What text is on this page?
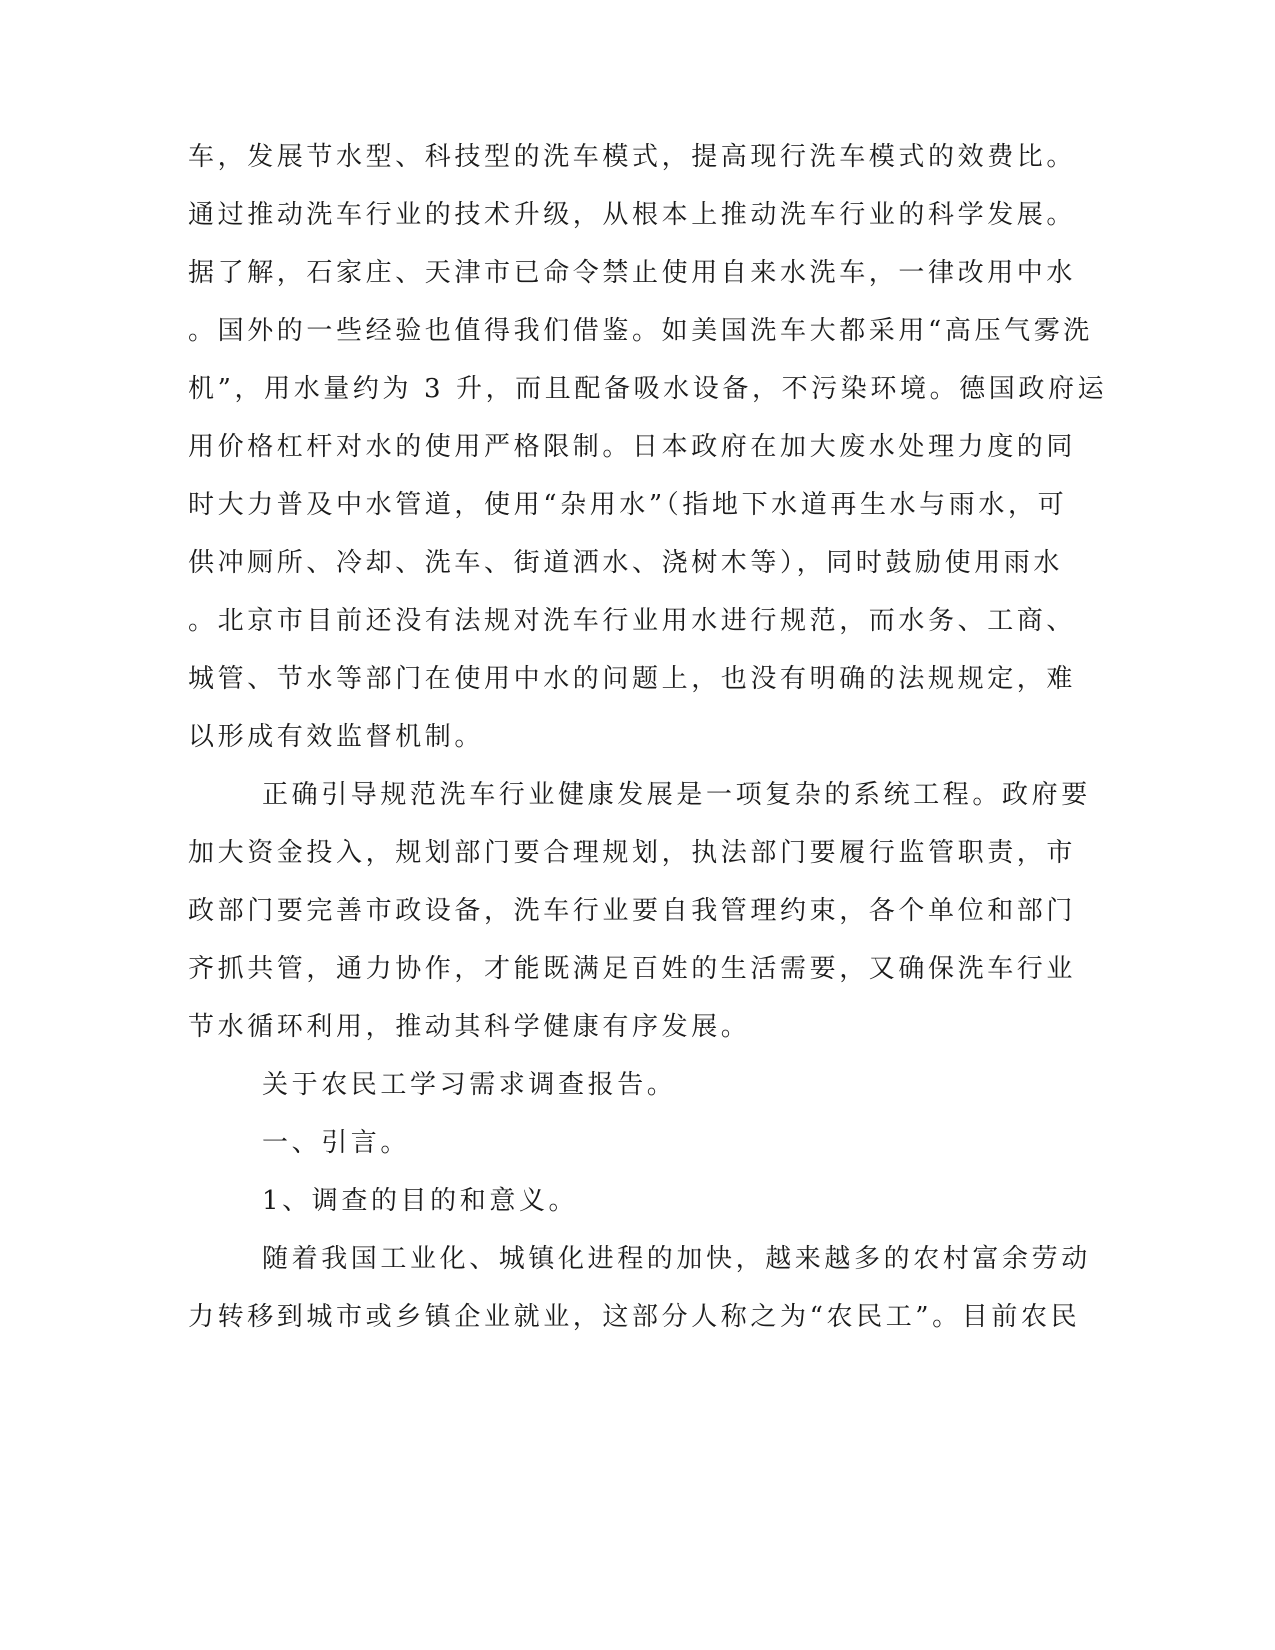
车，发展节水型、科技型的洗车模式，提高现行洗车模式的效费比。
通过推动洗车行业的技术升级，从根本上推动洗车行业的科学发展。
据了解，石家庄、天津市已命令禁止使用自来水洗车，一律改用中水
。国外的一些经验也值得我们借鉴。如美国洗车大都采用“高压气雾洗
机”，用水量约为 3 升，而且配备吸水设备，不污染环境。德国政府运
用价格杠杆对水的使用严格限制。日本政府在加大废水处理力度的同
时大力普及中水管道，使用“杂用水”（指地下水道再生水与雨水，可
供冲厕所、冷却、洗车、街道洒水、浇树木等），同时鼓励使用雨水
。北京市目前还没有法规对洗车行业用水进行规范，而水务、工商、
城管、节水等部门在使用中水的问题上，也没有明确的法规规定，难
以形成有效监督机制。
正确引导规范洗车行业健康发展是一项复杂的系统工程。政府要
加大资金投入，规划部门要合理规划，执法部门要履行监管职责，市
政部门要完善市政设备，洗车行业要自我管理约束，各个单位和部门
齐抓共管，通力协作，才能既满足百姓的生活需要，又确保洗车行业
节水循环利用，推动其科学健康有序发展。
关于农民工学习需求调查报告。
一、引言。
1、调查的目的和意义。
随着我国工业化、城镇化进程的加快，越来越多的农村富余劳动
力转移到城市或乡镇企业就业，这部分人称之为“农民工”。目前农民
